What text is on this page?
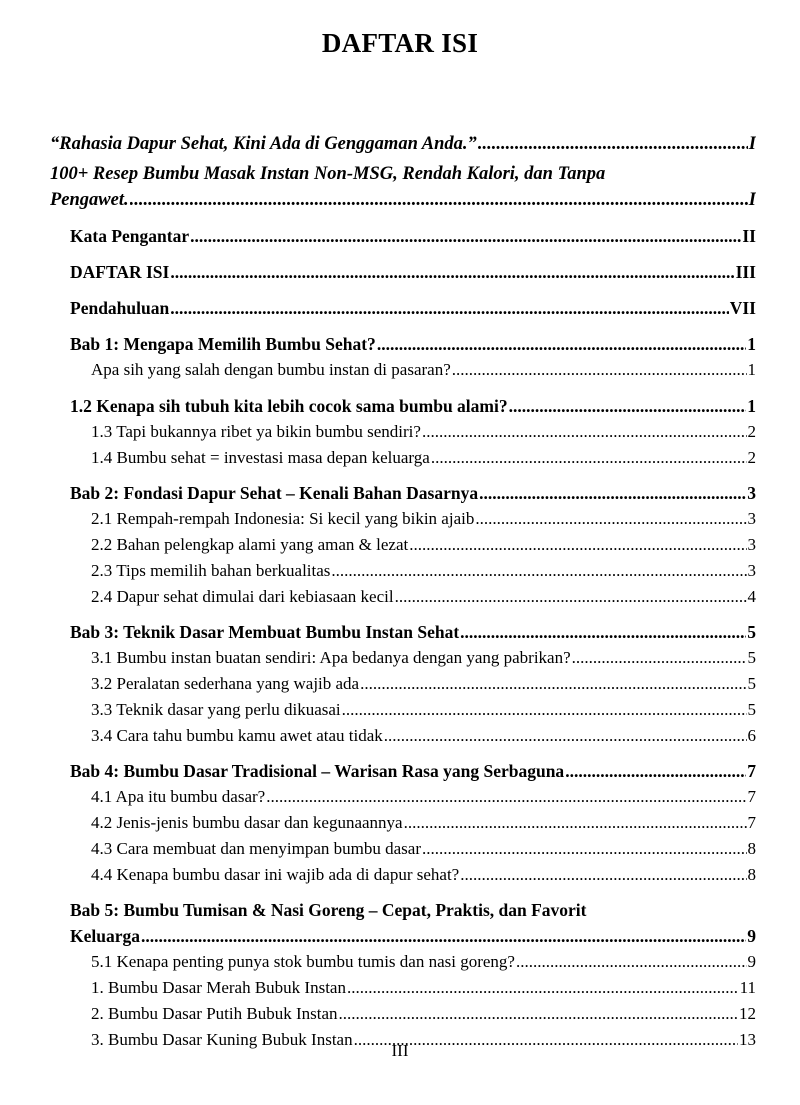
DAFTAR ISI
“Rahasia Dapur Sehat, Kini Ada di Genggaman Anda.” .....	I
100+ Resep Bumbu Masak Instan Non-MSG, Rendah Kalori, dan Tanpa
Pengawet. .....	I
Kata Pengantar .....	II
DAFTAR ISI .....	III
Pendahuluan .....	VII
Bab 1: Mengapa Memilih Bumbu Sehat? .....	1
Apa sih yang salah dengan bumbu instan di pasaran? .....	1
1.2 Kenapa sih tubuh kita lebih cocok sama bumbu alami? .....	1
1.3 Tapi bukannya ribet ya bikin bumbu sendiri? .....	2
1.4 Bumbu sehat = investasi masa depan keluarga .....	2
Bab 2: Fondasi Dapur Sehat – Kenali Bahan Dasarnya .....	3
2.1 Rempah-rempah Indonesia: Si kecil yang bikin ajaib .....	3
2.2 Bahan pelengkap alami yang aman & lezat .....	3
2.3 Tips memilih bahan berkualitas .....	3
2.4 Dapur sehat dimulai dari kebiasaan kecil .....	4
Bab 3: Teknik Dasar Membuat Bumbu Instan Sehat .....	5
3.1 Bumbu instan buatan sendiri: Apa bedanya dengan yang pabrikan? .....	5
3.2 Peralatan sederhana yang wajib ada .....	5
3.3 Teknik dasar yang perlu dikuasai .....	5
3.4 Cara tahu bumbu kamu awet atau tidak .....	6
Bab 4: Bumbu Dasar Tradisional – Warisan Rasa yang Serbaguna .....	7
4.1 Apa itu bumbu dasar? .....	7
4.2 Jenis-jenis bumbu dasar dan kegunaannya .....	7
4.3 Cara membuat dan menyimpan bumbu dasar .....	8
4.4 Kenapa bumbu dasar ini wajib ada di dapur sehat? .....	8
Bab 5: Bumbu Tumisan & Nasi Goreng – Cepat, Praktis, dan Favorit
Keluarga .....	9
5.1 Kenapa penting punya stok bumbu tumis dan nasi goreng? .....	9
1. Bumbu Dasar Merah Bubuk Instan .....	11
2. Bumbu Dasar Putih Bubuk Instan .....	12
3. Bumbu Dasar Kuning Bubuk Instan .....	13
III
